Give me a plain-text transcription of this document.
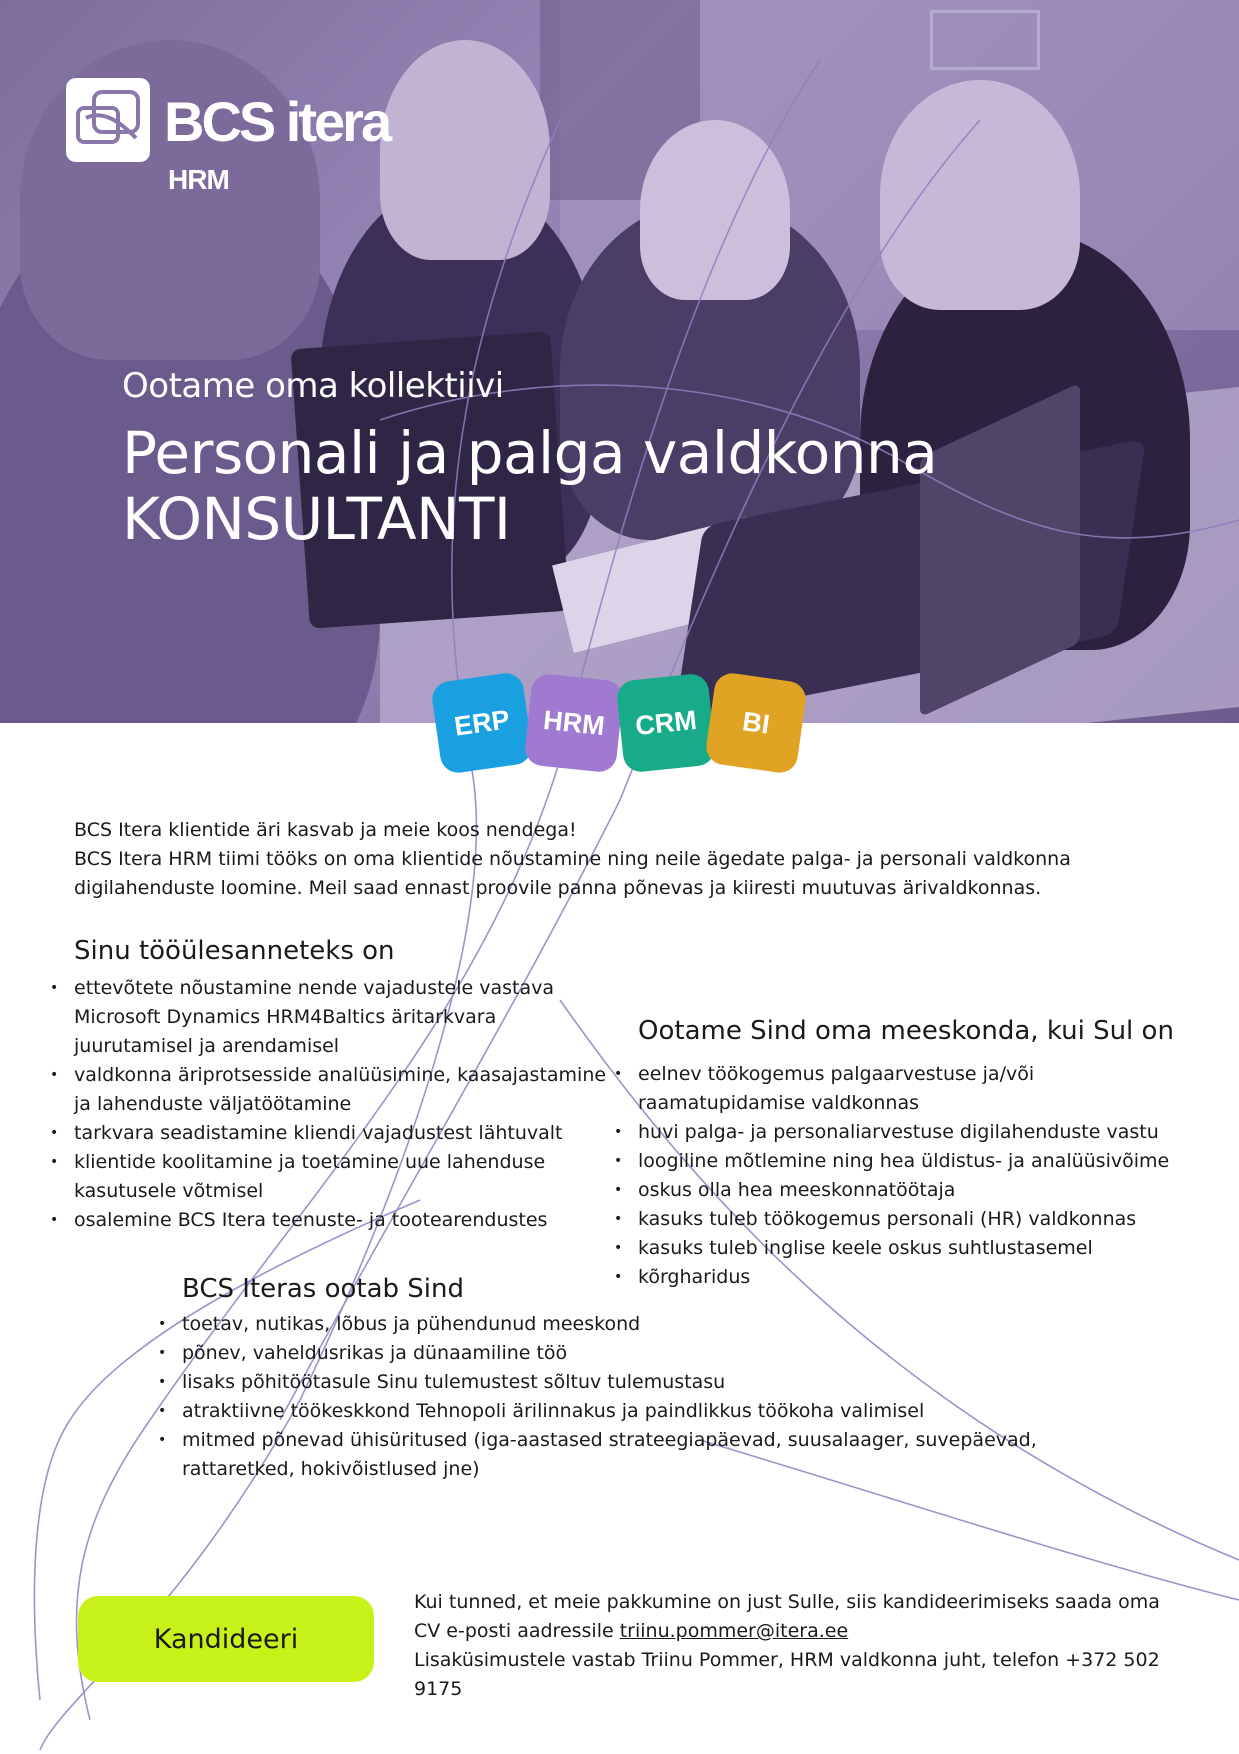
BCS itera
HRM
Ootame oma kollektiivi
Personali ja palga valdkonna
KONSULTANTI
ERP	HRM	CRM	BI

BCS Itera klientide äri kasvab ja meie koos nendega!

BCS Itera HRM tiimi tööks on oma klientide nõustamine ning neile ägedate palga- ja personali valdkonna

digilahenduste loomine. Meil saad ennast proovile panna põnevas ja kiiresti muutuvas ärivaldkonnas.

Sinu tööülesanneteks on
• ettevõtete nõustamine nende vajadustele vastava
Microsoft Dynamics HRM4Baltics äritarkvara
juurutamisel ja arendamisel
• valdkonna äriprotsesside analüüsimine, kaasajastamine
ja lahenduste väljatöötamine
• tarkvara seadistamine kliendi vajadustest lähtuvalt
• klientide koolitamine ja toetamine uue lahenduse
kasutusele võtmisel
• osalemine BCS Itera teenuste- ja tootearendustes
Ootame Sind oma meeskonda, kui Sul on
• eelnev töökogemus palgaarvestuse ja/või
raamatupidamise valdkonnas
• huvi palga- ja personaliarvestuse digilahenduste vastu
• loogiline mõtlemine ning hea üldistus- ja analüüsivõime
• oskus olla hea meeskonnatöötaja
• kasuks tuleb töökogemus personali (HR) valdkonnas
• kasuks tuleb inglise keele oskus suhtlustasemel
• kõrgharidus
BCS Iteras ootab Sind
• toetav, nutikas, lõbus ja pühendunud meeskond
• põnev, vaheldusrikas ja dünaamiline töö
• lisaks põhitöötasule Sinu tulemustest sõltuv tulemustasu
• atraktiivne töökeskkond Tehnopoli ärilinnakus ja paindlikkus töökoha valimisel
• mitmed põnevad ühisüritused (iga-aastased strateegiapäevad, suusalaager, suvepäevad,
rattaretked, hokivõistlused jne)
Kandideeri
Kui tunned, et meie pakkumine on just Sulle, siis kandideerimiseks saada oma
CV e-posti aadressile triinu.pommer@itera.ee
Lisaküsimustele vastab Triinu Pommer, HRM valdkonna juht, telefon +372 502
9175
